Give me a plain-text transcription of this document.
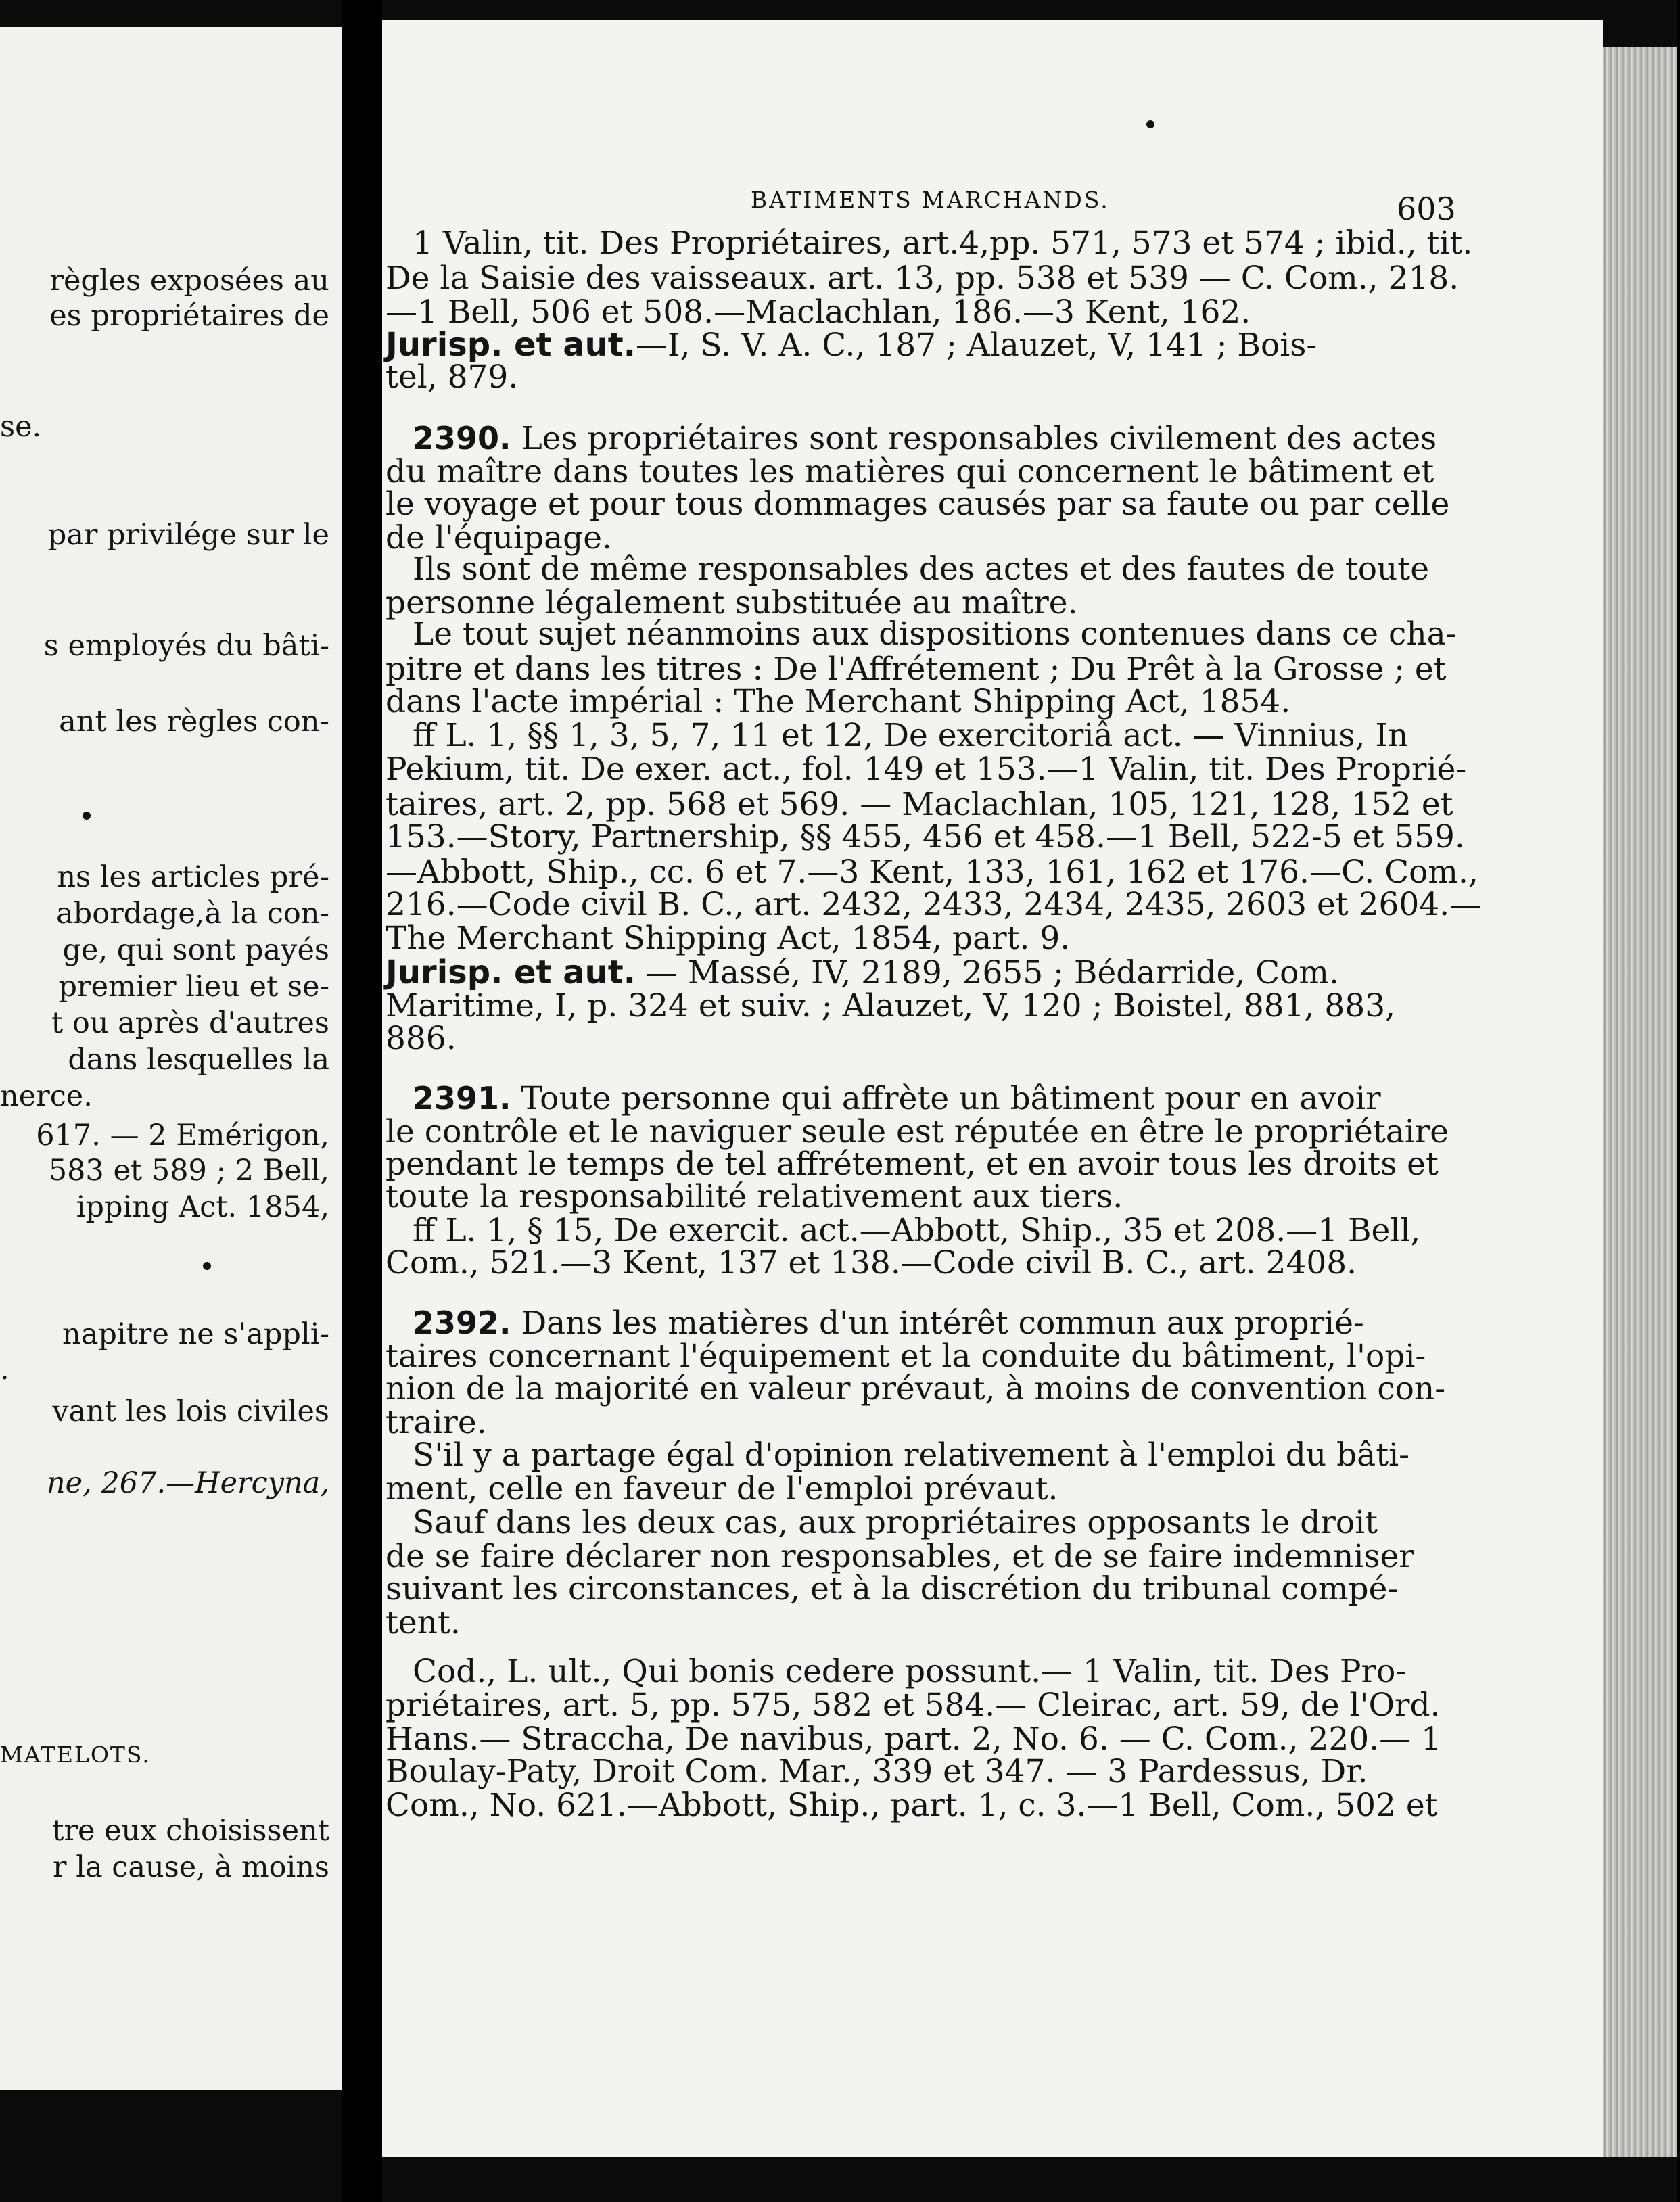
règles exposées au
es propriétaires de
se.
par privilége sur le
s employés du bâti-
ant les règles con-
ns les articles pré-
abordage,à la con-
ge, qui sont payés
premier lieu et se-
t ou après d'autres
dans lesquelles la
nerce.
617. — 2 Emérigon,
583 et 589 ; 2 Bell,
ipping Act. 1854,
napitre ne s'appli-
.
vant les lois civiles
ne, 267.—Hercyna,
MATELOTS.
tre eux choisissent
r la cause, à moins
BATIMENTS MARCHANDS.	603
1 Valin, tit. Des Propriétaires, art.4,pp. 571, 573 et 574 ; ibid., tit.
De la Saisie des vaisseaux. art. 13, pp. 538 et 539 — C. Com., 218.
—1 Bell, 506 et 508.—Maclachlan, 186.—3 Kent, 162.
Jurisp. et aut.—I, S. V. A. C., 187 ; Alauzet, V, 141 ; Bois-
tel, 879.
2390. Les propriétaires sont responsables civilement des actes
du maître dans toutes les matières qui concernent le bâtiment et
le voyage et pour tous dommages causés par sa faute ou par celle
de l'équipage.
Ils sont de même responsables des actes et des fautes de toute
personne légalement substituée au maître.
Le tout sujet néanmoins aux dispositions contenues dans ce cha-
pitre et dans les titres : De l'Affrétement ; Du Prêt à la Grosse ; et
dans l'acte impérial : The Merchant Shipping Act, 1854.
ff L. 1, §§ 1, 3, 5, 7, 11 et 12, De exercitoriâ act. — Vinnius, In
Pekium, tit. De exer. act., fol. 149 et 153.—1 Valin, tit. Des Proprié-
taires, art. 2, pp. 568 et 569. — Maclachlan, 105, 121, 128, 152 et
153.—Story, Partnership, §§ 455, 456 et 458.—1 Bell, 522-5 et 559.
—Abbott, Ship., cc. 6 et 7.—3 Kent, 133, 161, 162 et 176.—C. Com.,
216.—Code civil B. C., art. 2432, 2433, 2434, 2435, 2603 et 2604.—
The Merchant Shipping Act, 1854, part. 9.
Jurisp. et aut. — Massé, IV, 2189, 2655 ; Bédarride, Com.
Maritime, I, p. 324 et suiv. ; Alauzet, V, 120 ; Boistel, 881, 883,
886.
2391. Toute personne qui affrète un bâtiment pour en avoir
le contrôle et le naviguer seule est réputée en être le propriétaire
pendant le temps de tel affrétement, et en avoir tous les droits et
toute la responsabilité relativement aux tiers.
ff L. 1, § 15, De exercit. act.—Abbott, Ship., 35 et 208.—1 Bell,
Com., 521.—3 Kent, 137 et 138.—Code civil B. C., art. 2408.
2392. Dans les matières d'un intérêt commun aux proprié-
taires concernant l'équipement et la conduite du bâtiment, l'opi-
nion de la majorité en valeur prévaut, à moins de convention con-
traire.
S'il y a partage égal d'opinion relativement à l'emploi du bâti-
ment, celle en faveur de l'emploi prévaut.
Sauf dans les deux cas, aux propriétaires opposants le droit
de se faire déclarer non responsables, et de se faire indemniser
suivant les circonstances, et à la discrétion du tribunal compé-
tent.
Cod., L. ult., Qui bonis cedere possunt.— 1 Valin, tit. Des Pro-
priétaires, art. 5, pp. 575, 582 et 584.— Cleirac, art. 59, de l'Ord.
Hans.— Straccha, De navibus, part. 2, No. 6. — C. Com., 220.— 1
Boulay-Paty, Droit Com. Mar., 339 et 347. — 3 Pardessus, Dr.
Com., No. 621.—Abbott, Ship., part. 1, c. 3.—1 Bell, Com., 502 et
